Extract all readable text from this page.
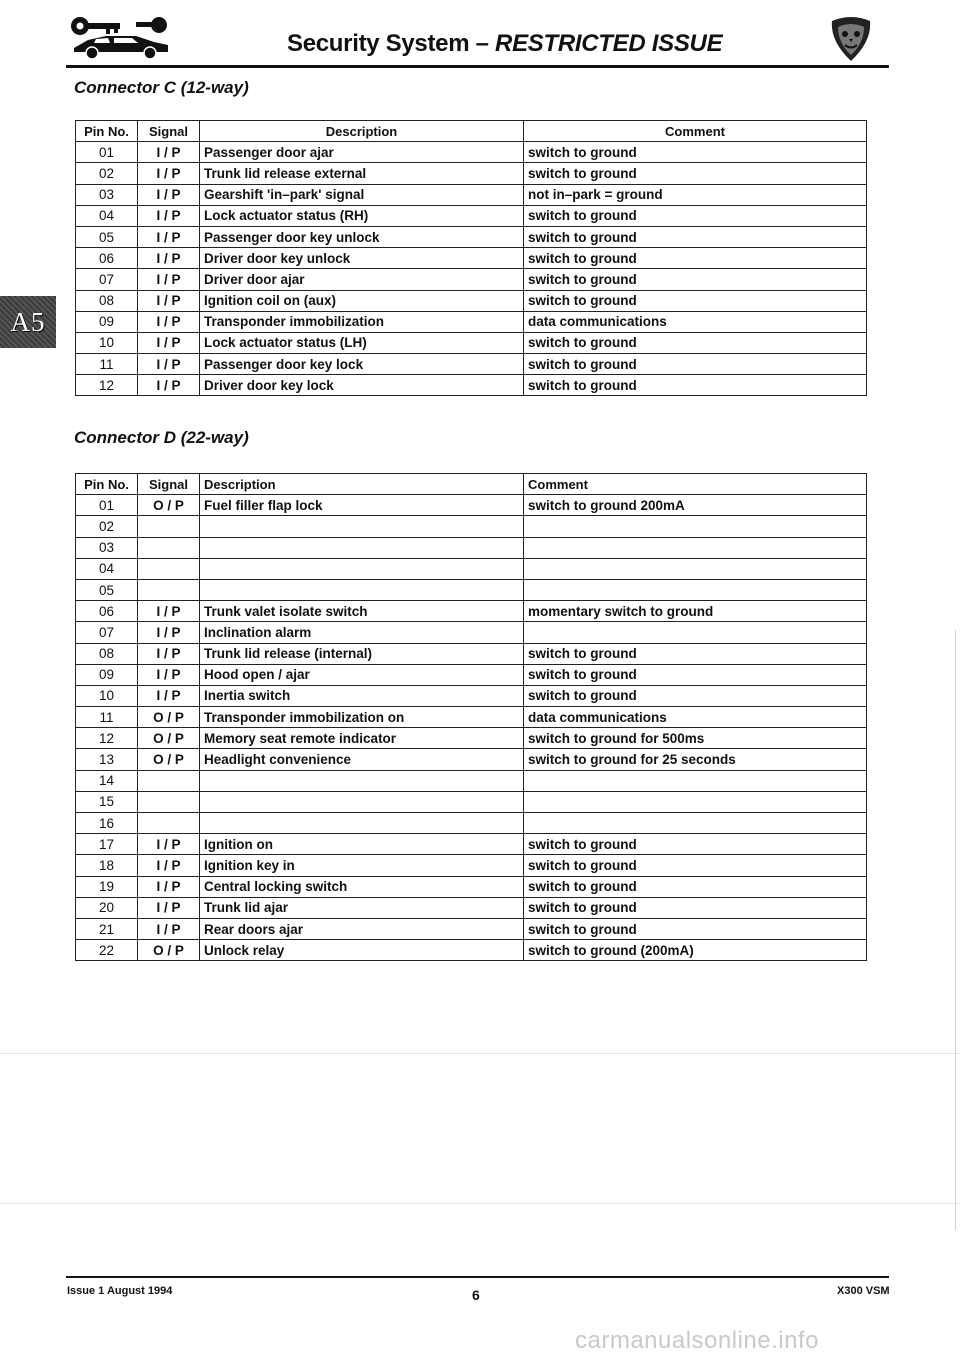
Security System – RESTRICTED ISSUE
A5
Connector C (12-way)
Pin No.	Signal	Description	Comment
01	I / P	Passenger door ajar	switch to ground
02	I / P	Trunk lid release external	switch to ground
03	I / P	Gearshift 'in–park' signal	not in–park = ground
04	I / P	Lock actuator status (RH)	switch to ground
05	I / P	Passenger door key unlock	switch to ground
06	I / P	Driver door key unlock	switch to ground
07	I / P	Driver door ajar	switch to ground
08	I / P	Ignition coil on (aux)	switch to ground
09	I / P	Transponder immobilization	data communications
10	I / P	Lock actuator status (LH)	switch to ground
11	I / P	Passenger door key lock	switch to ground
12	I / P	Driver door key lock	switch to ground
Connector D (22-way)
Pin No.	Signal	Description	Comment
01	O / P	Fuel filler flap lock	switch to ground 200mA
02			
03			
04			
05			
06	I / P	Trunk valet isolate switch	momentary switch to ground
07	I / P	Inclination alarm	
08	I / P	Trunk lid release (internal)	switch to ground
09	I / P	Hood open / ajar	switch to ground
10	I / P	Inertia switch	switch to ground
11	O / P	Transponder immobilization on	data communications
12	O / P	Memory seat remote indicator	switch to ground for 500ms
13	O / P	Headlight convenience	switch to ground for 25 seconds
14			
15			
16			
17	I / P	Ignition on	switch to ground
18	I / P	Ignition key in	switch to ground
19	I / P	Central locking switch	switch to ground
20	I / P	Trunk lid ajar	switch to ground
21	I / P	Rear doors ajar	switch to ground
22	O / P	Unlock relay	switch to ground (200mA)
Issue 1 August 1994	6	X300 VSM
carmanualsonline.info
